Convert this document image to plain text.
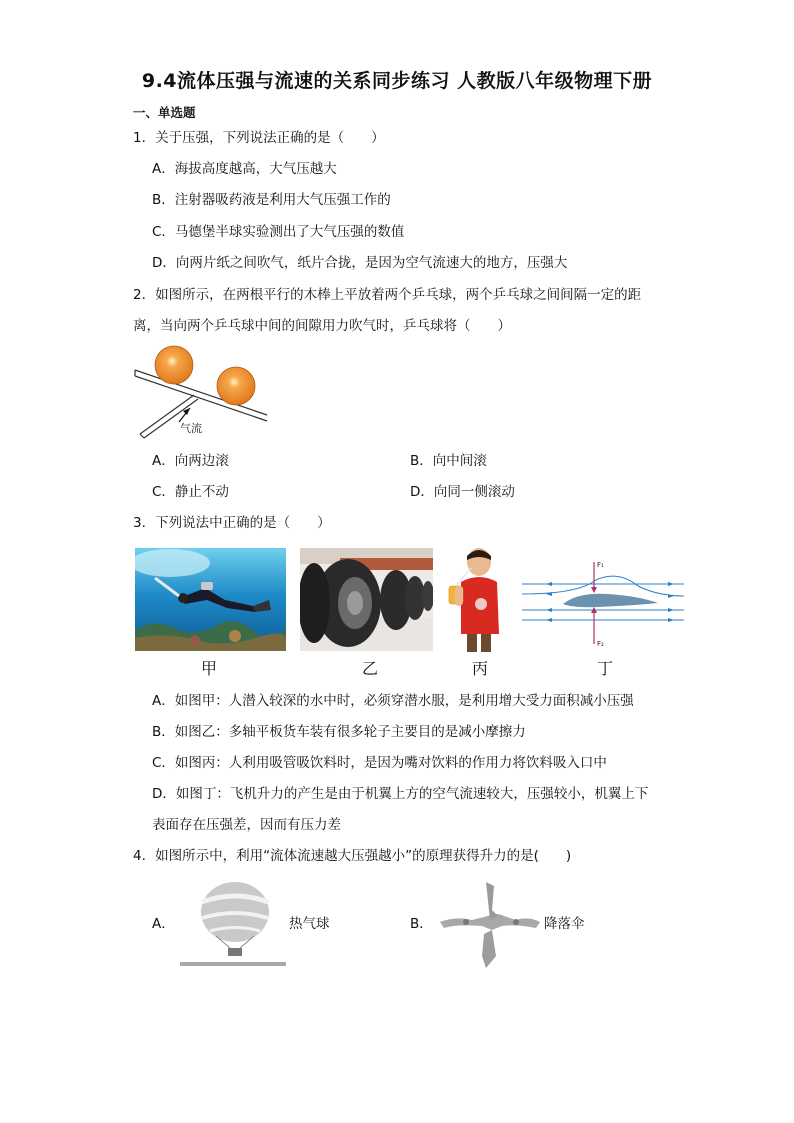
9.4流体压强与流速的关系同步练习 人教版八年级物理下册
一、单选题
1．关于压强，下列说法正确的是（　　）
A．海拔高度越高，大气压越大
B．注射器吸药液是利用大气压强工作的
C．马德堡半球实验测出了大气压强的数值
D．向两片纸之间吹气，纸片合拢，是因为空气流速大的地方，压强大
2．如图所示，在两根平行的木棒上平放着两个乒乓球，两个乒乓球之间间隔一定的距
离，当向两个乒乓球中间的间隙用力吹气时，乒乓球将（　　）
气流
A．向两边滚	B．向中间滚
C．静止不动	D．向同一侧滚动
3．下列说法中正确的是（　　）
F₁
F₂
甲	乙	丙	丁
A．如图甲：人潜入较深的水中时，必须穿潜水服，是利用增大受力面积减小压强
B．如图乙：多轴平板货车装有很多轮子主要目的是减小摩擦力
C．如图丙：人利用吸管吸饮料时，是因为嘴对饮料的作用力将饮料吸入口中
D．如图丁：飞机升力的产生是由于机翼上方的空气流速较大，压强较小，机翼上下
表面存在压强差，因而有压力差
4．如图所示中，利用“流体流速越大压强越小”的原理获得升力的是(　　)
A．	热气球	B．	降落伞
